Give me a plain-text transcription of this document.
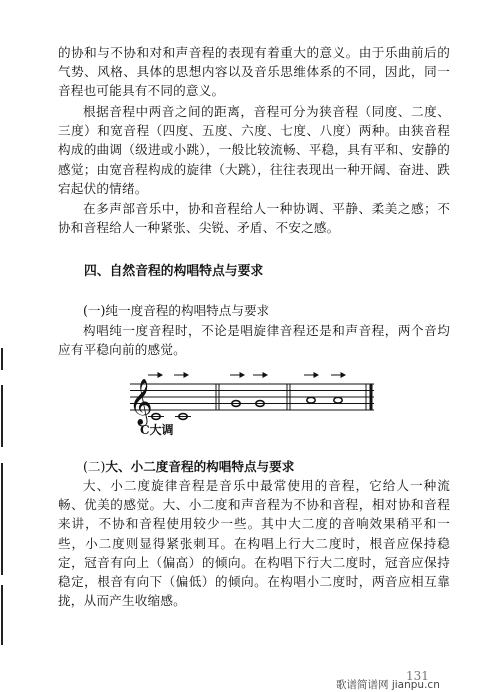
的协和与不协和对和声音程的表现有着重大的意义。由于乐曲前后的气势、风格、具体的思想内容以及音乐思维体系的不同，因此，同一音程也可能具有不同的意义。

根据音程中两音之间的距离，音程可分为狭音程（同度、二度、三度）和宽音程（四度、五度、六度、七度、八度）两种。由狭音程构成的曲调（级进或小跳），一般比较流畅、平稳，具有平和、安静的感觉；由宽音程构成的旋律（大跳），往往表现出一种开阔、奋进、跌宕起伏的情绪。

在多声部音乐中，协和音程给人一种协调、平静、柔美之感；不协和音程给人一种紧张、尖锐、矛盾、不安之感。

四、自然音程的构唱特点与要求

(一)纯一度音程的构唱特点与要求

构唱纯一度音程时，不论是唱旋律音程还是和声音程，两个音均应有平稳向前的感觉。

𝄞

C大调

(二)大、小二度音程的构唱特点与要求

大、小二度旋律音程是音乐中最常使用的音程，它给人一种流畅、优美的感觉。大、小二度和声音程为不协和音程，相对协和音程来讲，不协和音程使用较少一些。其中大二度的音响效果稍平和一些，小二度则显得紧张刺耳。在构唱上行大二度时，根音应保持稳定，冠音有向上（偏高）的倾向。在构唱下行大二度时，冠音应保持稳定，根音有向下（偏低）的倾向。在构唱小二度时，两音应相互靠拢，从而产生收缩感。

131

歌谱简谱网 jianpu.cn
